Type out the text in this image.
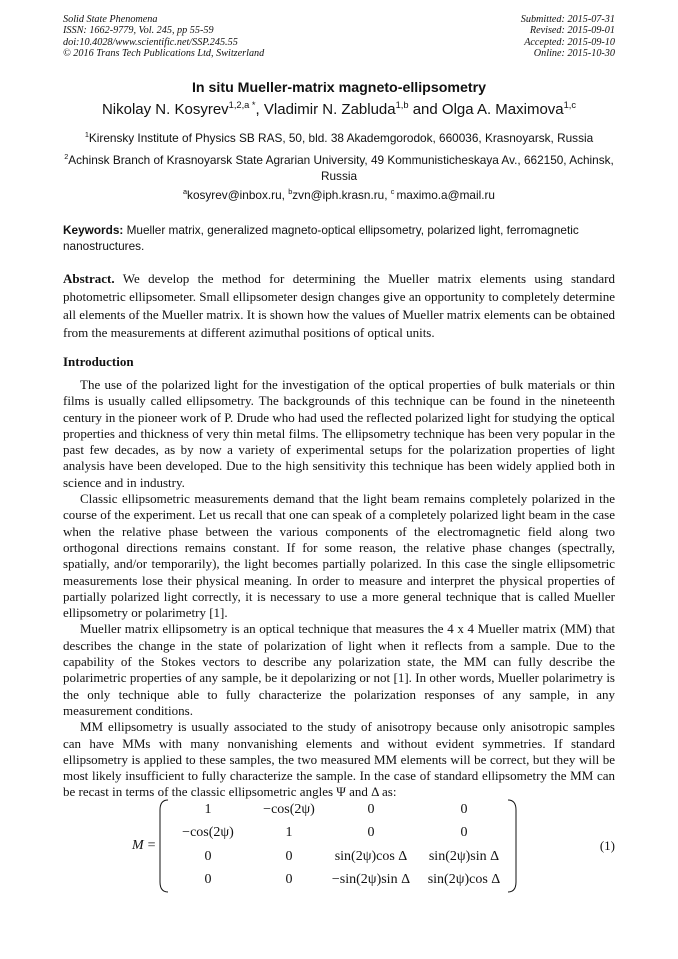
Solid State Phenomena
ISSN: 1662-9779, Vol. 245, pp 55-59
doi:10.4028/www.scientific.net/SSP.245.55
© 2016 Trans Tech Publications Ltd, Switzerland
Submitted: 2015-07-31
Revised: 2015-09-01
Accepted: 2015-09-10
Online: 2015-10-30
In situ Mueller-matrix magneto-ellipsometry
Nikolay N. Kosyrev$^{1,2,a *}$, Vladimir N. Zabluda$^{1,b}$ and Olga A. Maximova$^{1,c}$
$^1$Kirensky Institute of Physics SB RAS, 50, bld. 38 Akademgorodok, 660036, Krasnoyarsk, Russia
$^2$Achinsk Branch of Krasnoyarsk State Agrarian University, 49 Kommunisticheskaya Av., 662150, Achinsk, Russia
$^a$kosyrev@inbox.ru, $^b$zvn@iph.krasn.ru, $^c$ maximo.a@mail.ru
Keywords: Mueller matrix, generalized magneto-optical ellipsometry, polarized light, ferromagnetic nanostructures.
Abstract. We develop the method for determining the Mueller matrix elements using standard photometric ellipsometer. Small ellipsometer design changes give an opportunity to completely determine all elements of the Mueller matrix. It is shown how the values of Mueller matrix elements can be obtained from the measurements at different azimuthal positions of optical units.
Introduction

The use of the polarized light for the investigation of the optical properties of bulk materials or thin films is usually called ellipsometry. The backgrounds of this technique can be found in the nineteenth century in the pioneer work of P. Drude who had used the reflected polarized light for studying the optical properties and thickness of very thin metal films. The ellipsometry technique has been very popular in the past few decades, as by now a variety of experimental setups for the polarization properties of light analysis have been developed. Due to the high sensitivity this technique has been widely applied both in science and in industry.

Classic ellipsometric measurements demand that the light beam remains completely polarized in the course of the experiment. Let us recall that one can speak of a completely polarized light beam in the case when the relative phase between the various components of the electromagnetic field along two orthogonal directions remains constant. If for some reason, the relative phase changes (spectrally, spatially, and/or temporarily), the light becomes partially polarized. In this case the single ellipsometric measurements lose their physical meaning. In order to measure and interpret the physical properties of partially polarized light correctly, it is necessary to use a more general technique that is called Mueller ellipsometry or polarimetry [1].

Mueller matrix ellipsometry is an optical technique that measures the 4 x 4 Mueller matrix (MM) that describes the change in the state of polarization of light when it reflects from a sample. Due to the capability of the Stokes vectors to describe any polarization state, the MM can fully describe the polarimetric properties of any sample, be it depolarizing or not [1]. In other words, Mueller polarimetry is the only technique able to fully characterize the polarization responses of any sample, in any measurement conditions.

MM ellipsometry is usually associated to the study of anisotropy because only anisotropic samples can have MMs with many nonvanishing elements and without evident symmetries. If standard ellipsometry is applied to these samples, the two measured MM elements will be correct, but they will be most likely insufficient to fully characterize the sample. In the case of standard ellipsometry the MM can be recast in terms of the classic ellipsometric angles Ψ and Δ as:

M =
1	−cos(2ψ)	0	0
−cos(2ψ)	1	0	0
0	0	sin(2ψ)cos Δ	sin(2ψ)sin Δ
0	0	−sin(2ψ)sin Δ	sin(2ψ)cos Δ
(1)
